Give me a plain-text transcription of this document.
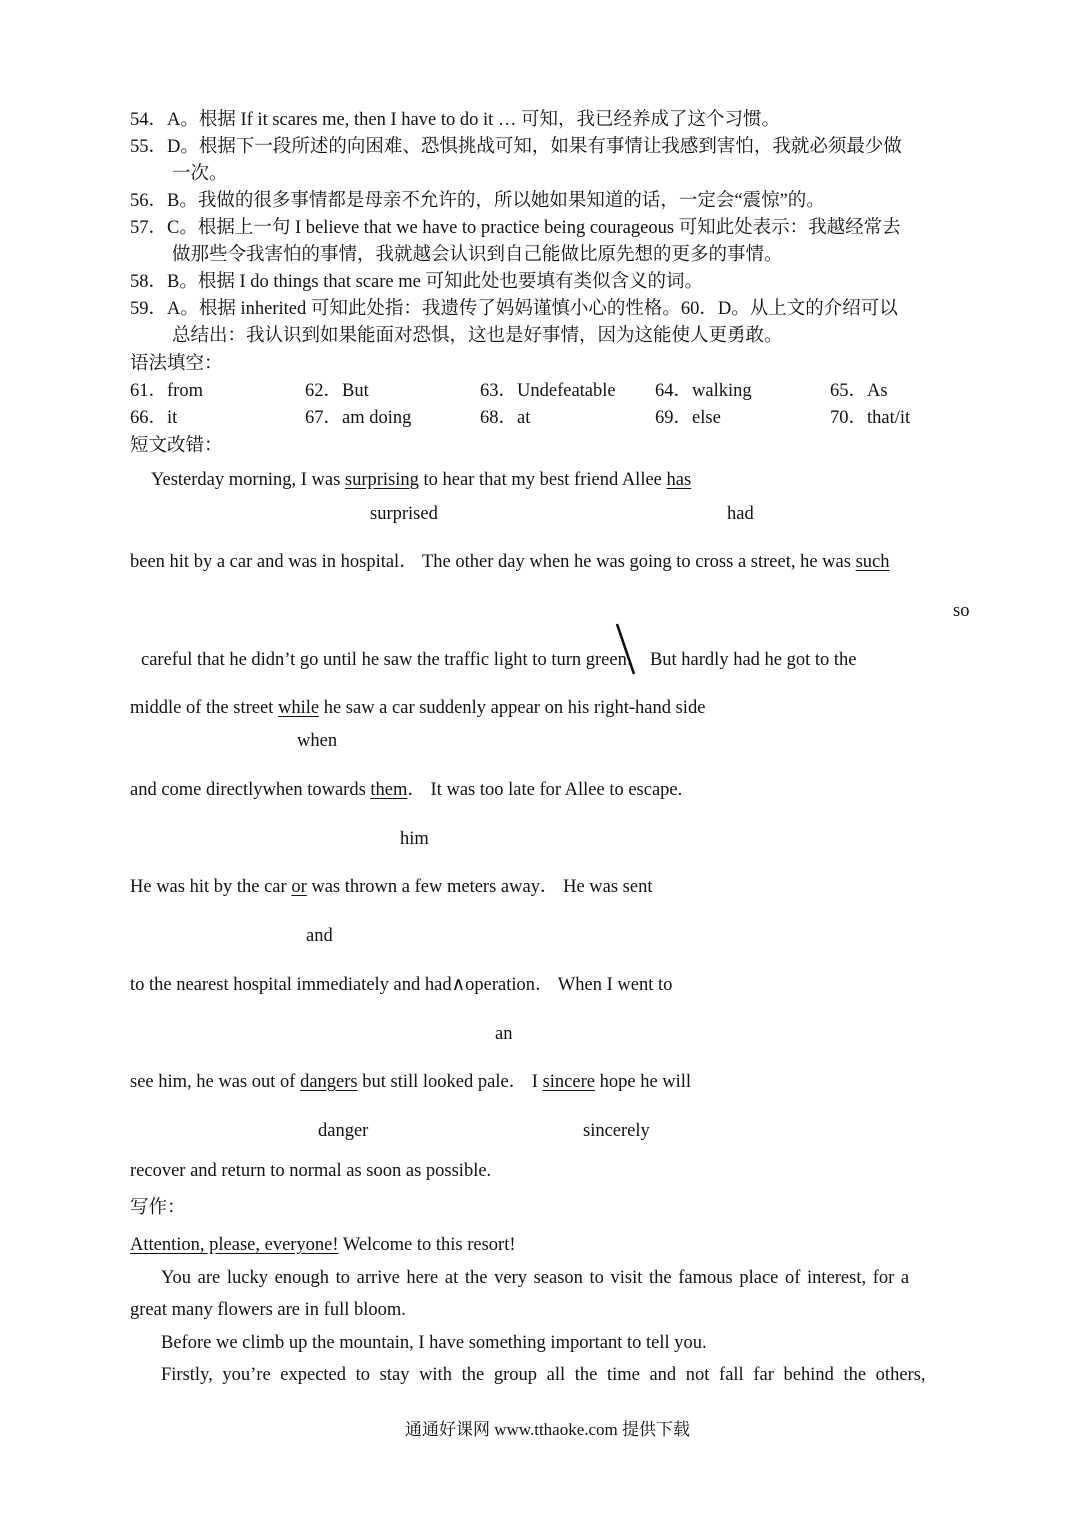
54．A。根据 If it scares me, then I have to do it … 可知，我已经养成了这个习惯。
55．D。根据下一段所述的向困难、恐惧挑战可知，如果有事情让我感到害怕，我就必须最少做
一次。
56．B。我做的很多事情都是母亲不允许的，所以她如果知道的话，一定会“震惊”的。
57．C。根据上一句 I believe that we have to practice being courageous 可知此处表示：我越经常去
做那些令我害怕的事情，我就越会认识到自己能做比原先想的更多的事情。
58．B。根据 I do things that scare me 可知此处也要填有类似含义的词。
59．A。根据 inherited 可知此处指：我遗传了妈妈谨慎小心的性格。60．D。从上文的介绍可以
总结出：我认识到如果能面对恐惧，这也是好事情，因为这能使人更勇敢。
语法填空：
61．from	62．But	63．Undefeatable 64．walking	65．As
66．it	67．am doing	68．at	69．else	70．that/it
短文改错：
Yesterday morning, I was surprising to hear that my best friend Allee has
surprised	had
been hit by a car and was in hospital． The other day when he was going to cross a street, he was such
so
careful that he didn’t go until he saw the traffic light to turn green． But hardly had he got to the
middle of the street while he saw a car suddenly appear on his right-hand side
when
and come directlywhen towards them． It was too late for Allee to escape.
him
He was hit by the car or was thrown a few meters away． He was sent
and
to the nearest hospital immediately and had∧operation． When I went to
an
see him, he was out of dangers but still looked pale． I sincere hope he will
danger	sincerely
recover and return to normal as soon as possible.
写作：
Attention, please, everyone! Welcome to this resort!
You are lucky enough to arrive here at the very season to visit the famous place of interest, for a
great many flowers are in full bloom.
Before we climb up the mountain, I have something important to tell you.
Firstly, you’re expected to stay with the group all the time and not fall far behind the others,
通通好课网 www.tthaoke.com 提供下载
